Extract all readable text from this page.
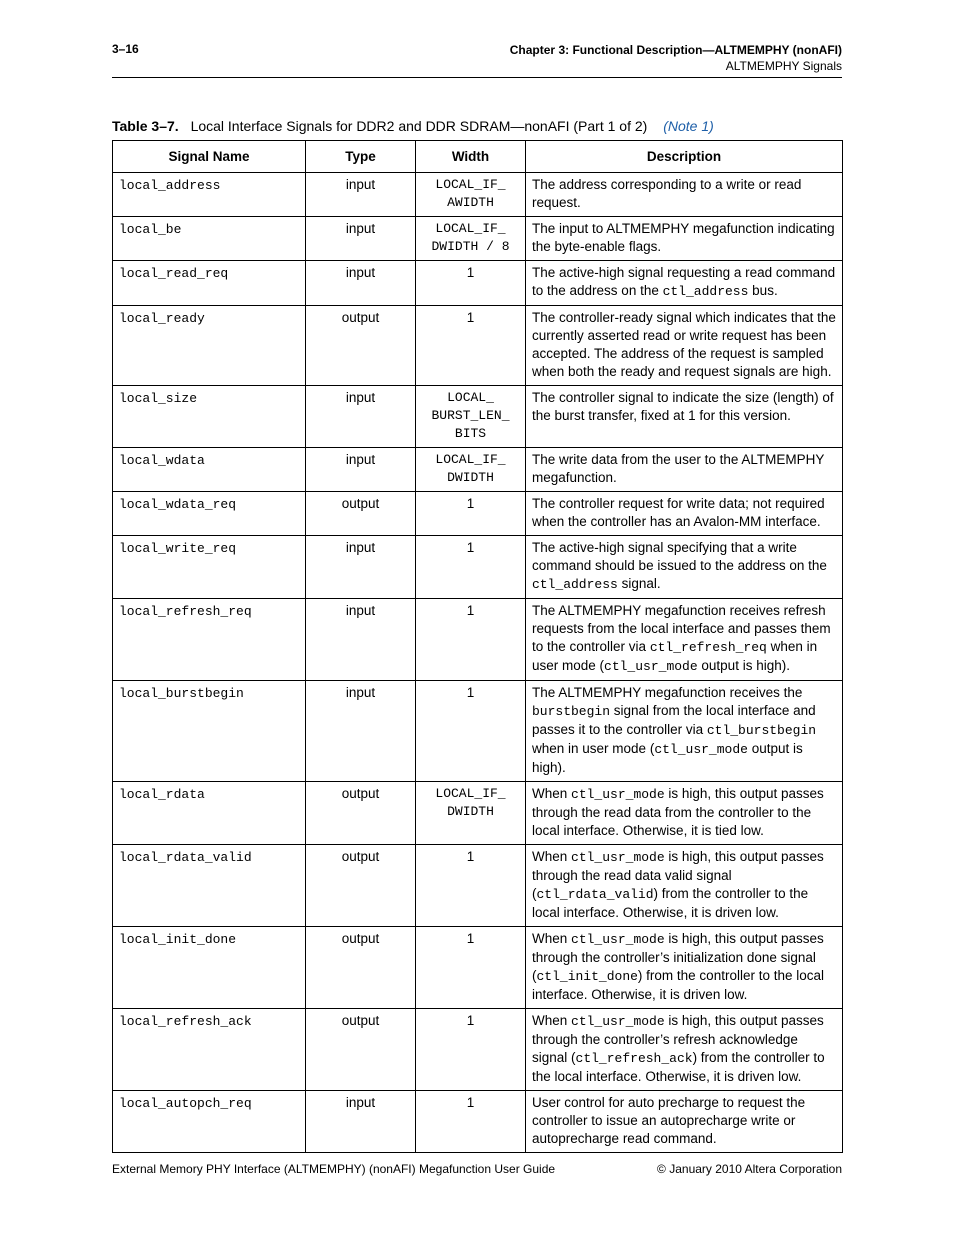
3–16	Chapter 3: Functional Description—ALTMEMPHY (nonAFI)
ALTMEMPHY Signals
Table 3–7. Local Interface Signals for DDR2 and DDR SDRAM—nonAFI (Part 1 of 2) (Note 1)
Signal Name	Type	Width	Description
local_address	input	LOCAL_IF_
AWIDTH	The address corresponding to a write or read request.
local_be	input	LOCAL_IF_
DWIDTH / 8	The input to ALTMEMPHY megafunction indicating the byte-enable flags.
local_read_req	input	1	The active-high signal requesting a read command to the address on the ctl_address bus.
local_ready	output	1	The controller-ready signal which indicates that the currently asserted read or write request has been accepted. The address of the request is sampled when both the ready and request signals are high.
local_size	input	LOCAL_
BURST_LEN_
BITS	The controller signal to indicate the size (length) of the burst transfer, fixed at 1 for this version.
local_wdata	input	LOCAL_IF_
DWIDTH	The write data from the user to the ALTMEMPHY megafunction.
local_wdata_req	output	1	The controller request for write data; not required when the controller has an Avalon-MM interface.
local_write_req	input	1	The active-high signal specifying that a write command should be issued to the address on the ctl_address signal.
local_refresh_req	input	1	The ALTMEMPHY megafunction receives refresh requests from the local interface and passes them to the controller via ctl_refresh_req when in user mode (ctl_usr_mode output is high).
local_burstbegin	input	1	The ALTMEMPHY megafunction receives the burstbegin signal from the local interface and passes it to the controller via ctl_burstbegin when in user mode (ctl_usr_mode output is high).
local_rdata	output	LOCAL_IF_
DWIDTH	When ctl_usr_mode is high, this output passes through the read data from the controller to the local interface. Otherwise, it is tied low.
local_rdata_valid	output	1	When ctl_usr_mode is high, this output passes through the read data valid signal (ctl_rdata_valid) from the controller to the local interface. Otherwise, it is driven low.
local_init_done	output	1	When ctl_usr_mode is high, this output passes through the controller’s initialization done signal (ctl_init_done) from the controller to the local interface. Otherwise, it is driven low.
local_refresh_ack	output	1	When ctl_usr_mode is high, this output passes through the controller’s refresh acknowledge signal (ctl_refresh_ack) from the controller to the local interface. Otherwise, it is driven low.
local_autopch_req	input	1	User control for auto precharge to request the controller to issue an autoprecharge write or autoprecharge read command.
External Memory PHY Interface (ALTMEMPHY) (nonAFI) Megafunction User Guide	© January 2010 Altera Corporation
